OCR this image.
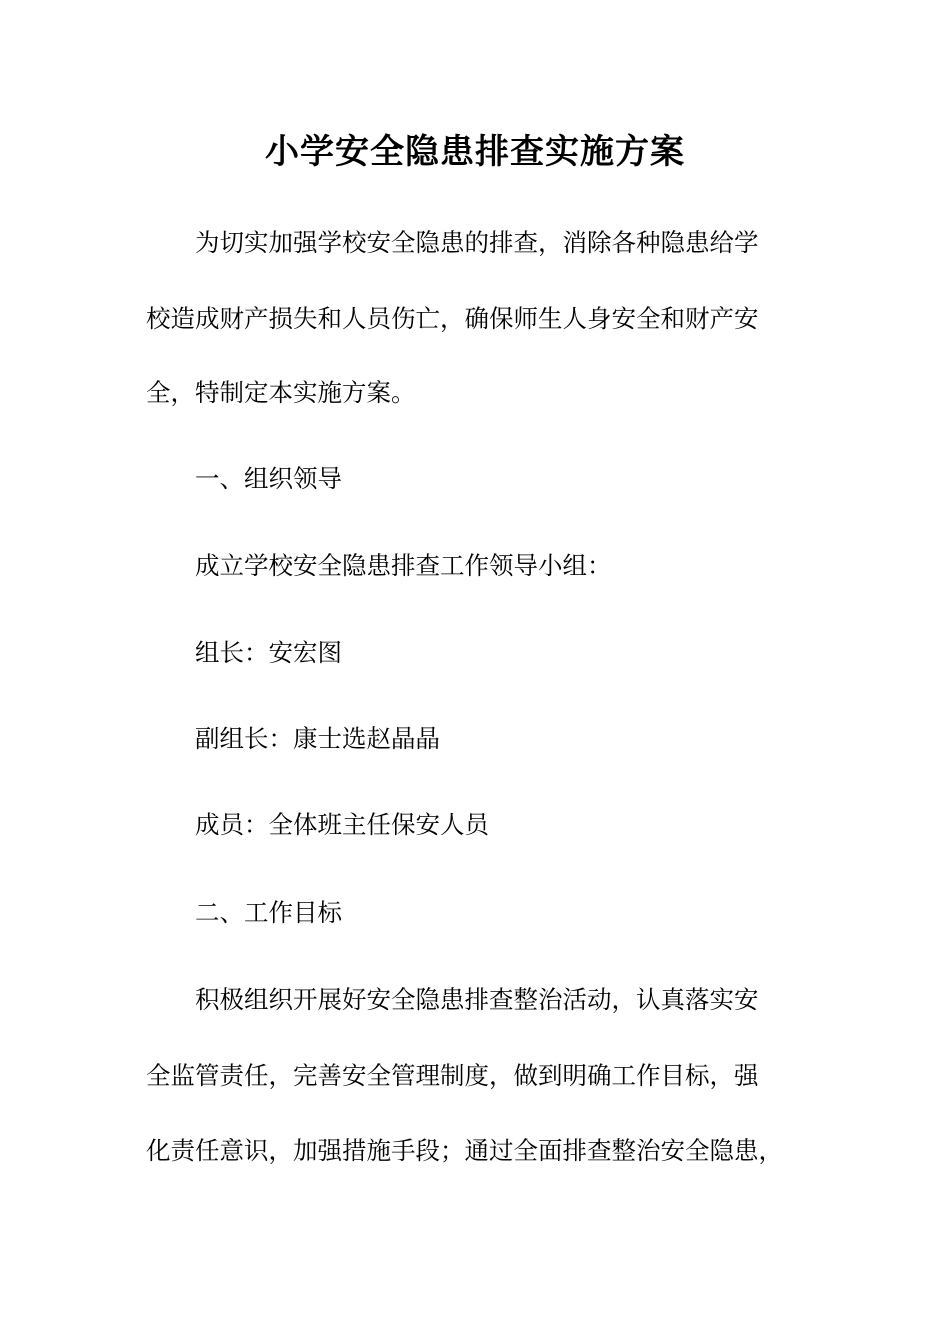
小学安全隐患排查实施方案
为切实加强学校安全隐患的排查，消除各种隐患给学
校造成财产损失和人员伤亡，确保师生人身安全和财产安
全，特制定本实施方案。
一、组织领导
成立学校安全隐患排查工作领导小组：
组长：安宏图
副组长：康士选赵晶晶
成员：全体班主任保安人员
二、工作目标
积极组织开展好安全隐患排查整治活动，认真落实安
全监管责任，完善安全管理制度，做到明确工作目标，强
化责任意识，加强措施手段；通过全面排查整治安全隐患，
